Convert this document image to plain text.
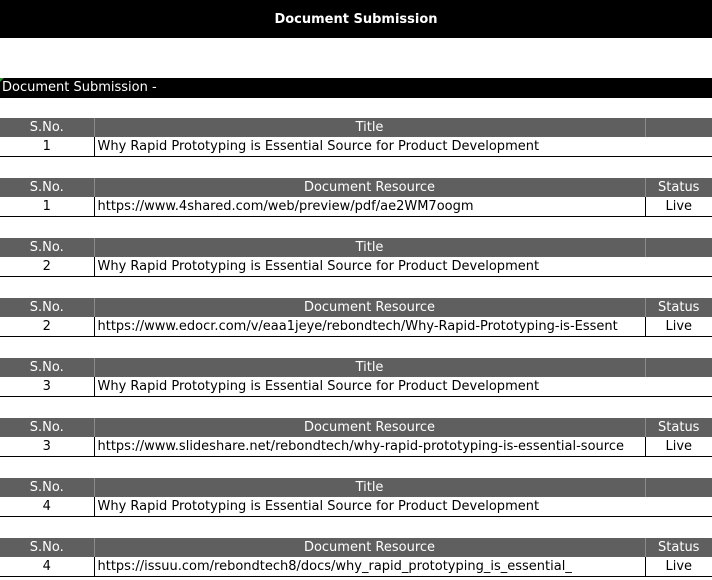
Document Submission
Document Submission -
S.No.	Title	
1	Why Rapid Prototyping is Essential Source for Product Development	
S.No.	Document Resource	Status
1	https://www.4shared.com/web/preview/pdf/ae2WM7oogm	Live
S.No.	Title	
2	Why Rapid Prototyping is Essential Source for Product Development	
S.No.	Document Resource	Status
2	https://www.edocr.com/v/eaa1jeye/rebondtech/Why-Rapid-Prototyping-is-Essent	Live
S.No.	Title	
3	Why Rapid Prototyping is Essential Source for Product Development	
S.No.	Document Resource	Status
3	https://www.slideshare.net/rebondtech/why-rapid-prototyping-is-essential-source	Live
S.No.	Title	
4	Why Rapid Prototyping is Essential Source for Product Development	
S.No.	Document Resource	Status
4	https://issuu.com/rebondtech8/docs/why_rapid_prototyping_is_essential_	Live
